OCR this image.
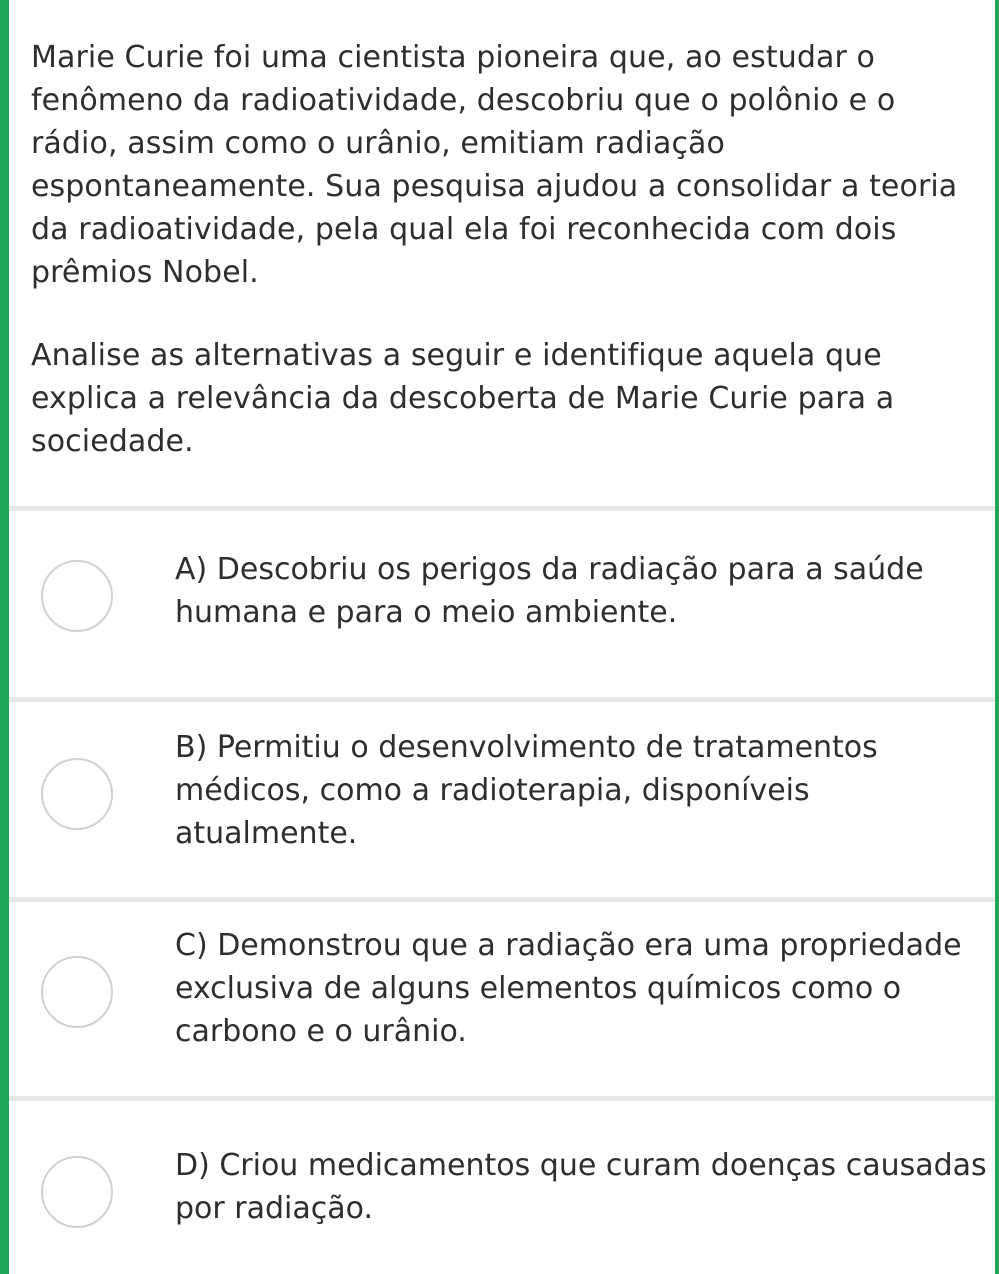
Marie Curie foi uma cientista pioneira que, ao estudar o fenômeno da radioatividade, descobriu que o polônio e o rádio, assim como o urânio, emitiam radiação espontaneamente. Sua pesquisa ajudou a consolidar a teoria da radioatividade, pela qual ela foi reconhecida com dois prêmios Nobel.

Analise as alternativas a seguir e identifique aquela que explica a relevância da descoberta de Marie Curie para a sociedade.

A) Descobriu os perigos da radiação para a saúde humana e para o meio ambiente.
B) Permitiu o desenvolvimento de tratamentos médicos, como a radioterapia, disponíveis atualmente.
C) Demonstrou que a radiação era uma propriedade exclusiva de alguns elementos químicos como o carbono e o urânio.
D) Criou medicamentos que curam doenças causadas por radiação.
